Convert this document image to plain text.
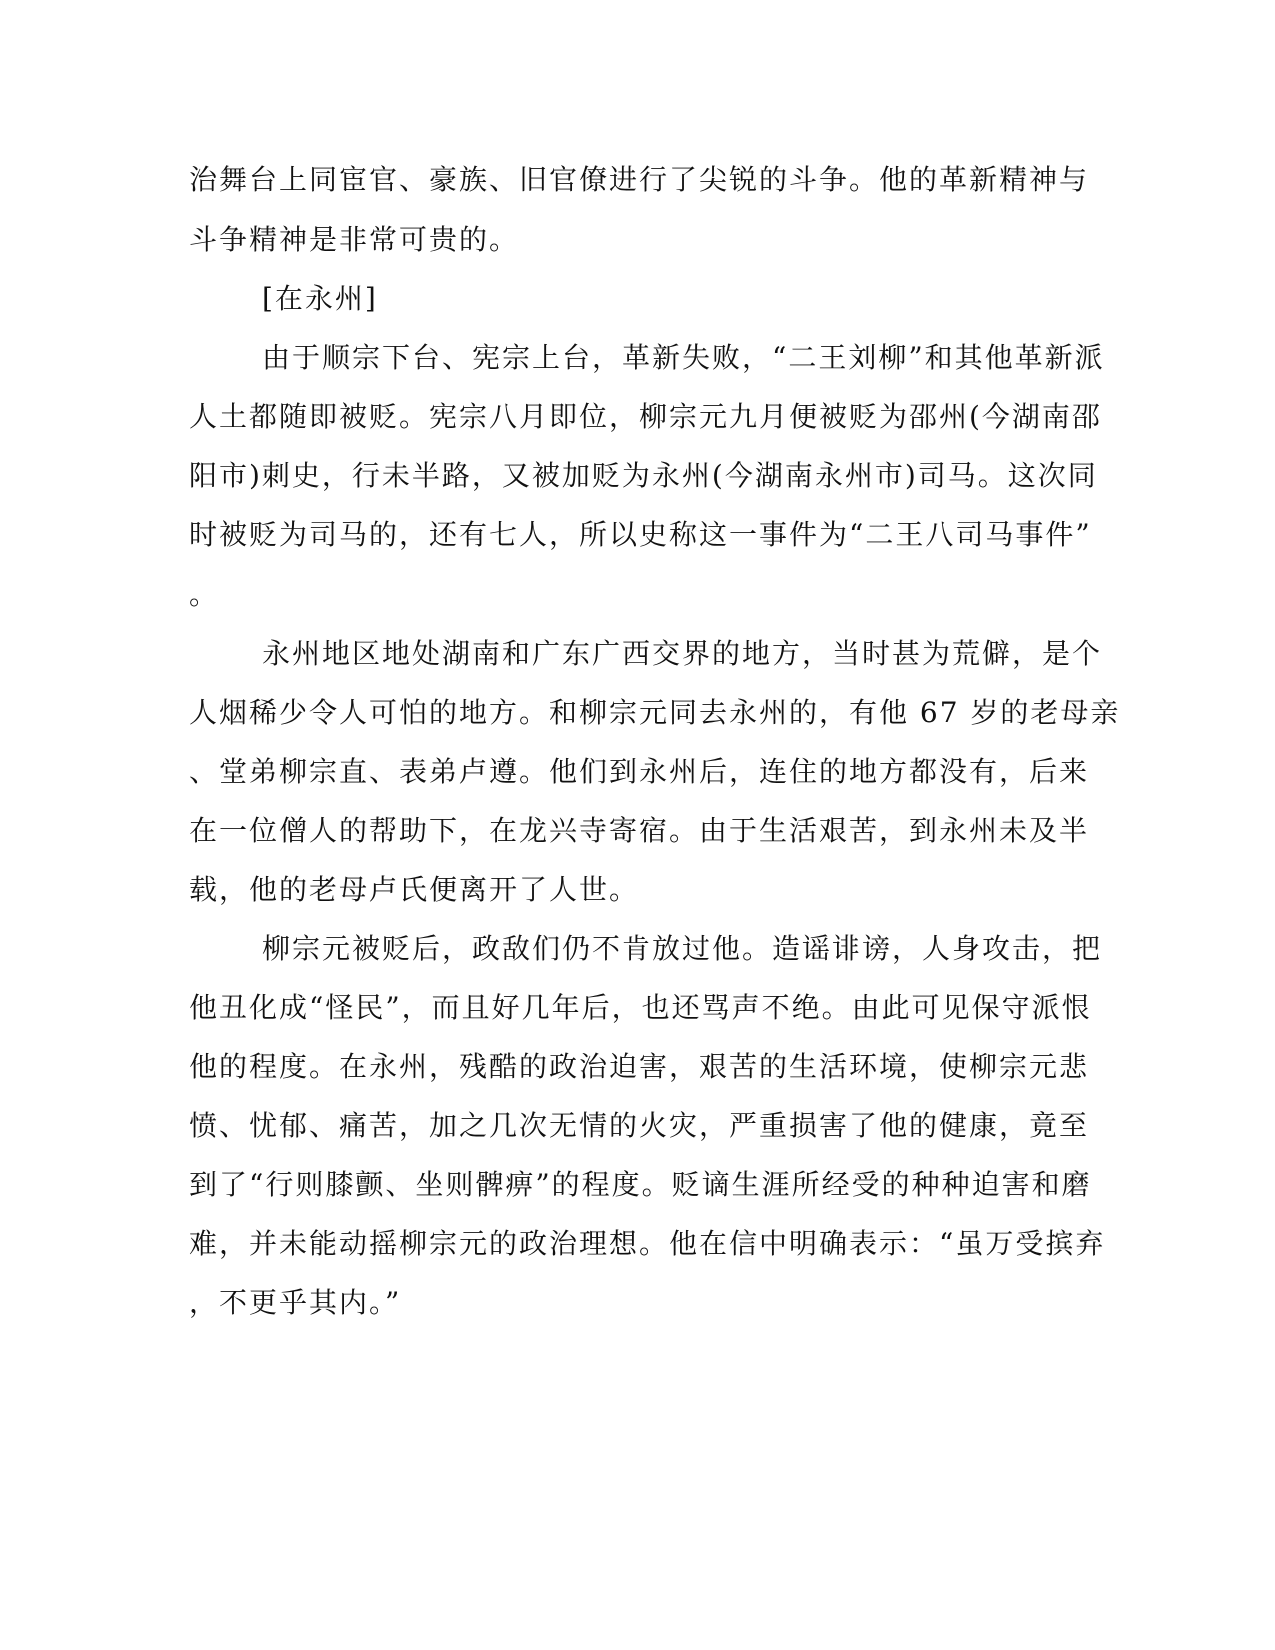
治舞台上同宦官、豪族、旧官僚进行了尖锐的斗争。他的革新精神与
斗争精神是非常可贵的。
[在永州]
由于顺宗下台、宪宗上台，革新失败，“二王刘柳”和其他革新派
人土都随即被贬。宪宗八月即位，柳宗元九月便被贬为邵州(今湖南邵
阳市)刺史，行未半路，又被加贬为永州(今湖南永州市)司马。这次同
时被贬为司马的，还有七人，所以史称这一事件为“二王八司马事件”
。
永州地区地处湖南和广东广西交界的地方，当时甚为荒僻，是个
人烟稀少令人可怕的地方。和柳宗元同去永州的，有他 67 岁的老母亲
、堂弟柳宗直、表弟卢遵。他们到永州后，连住的地方都没有，后来
在一位僧人的帮助下，在龙兴寺寄宿。由于生活艰苦，到永州未及半
载，他的老母卢氏便离开了人世。
柳宗元被贬后，政敌们仍不肯放过他。造谣诽谤，人身攻击，把
他丑化成“怪民”，而且好几年后，也还骂声不绝。由此可见保守派恨
他的程度。在永州，残酷的政治迫害，艰苦的生活环境，使柳宗元悲
愤、忧郁、痛苦，加之几次无情的火灾，严重损害了他的健康，竟至
到了“行则膝颤、坐则髀痹”的程度。贬谪生涯所经受的种种迫害和磨
难，并未能动摇柳宗元的政治理想。他在信中明确表示：“虽万受摈弃
，不更乎其内。”
